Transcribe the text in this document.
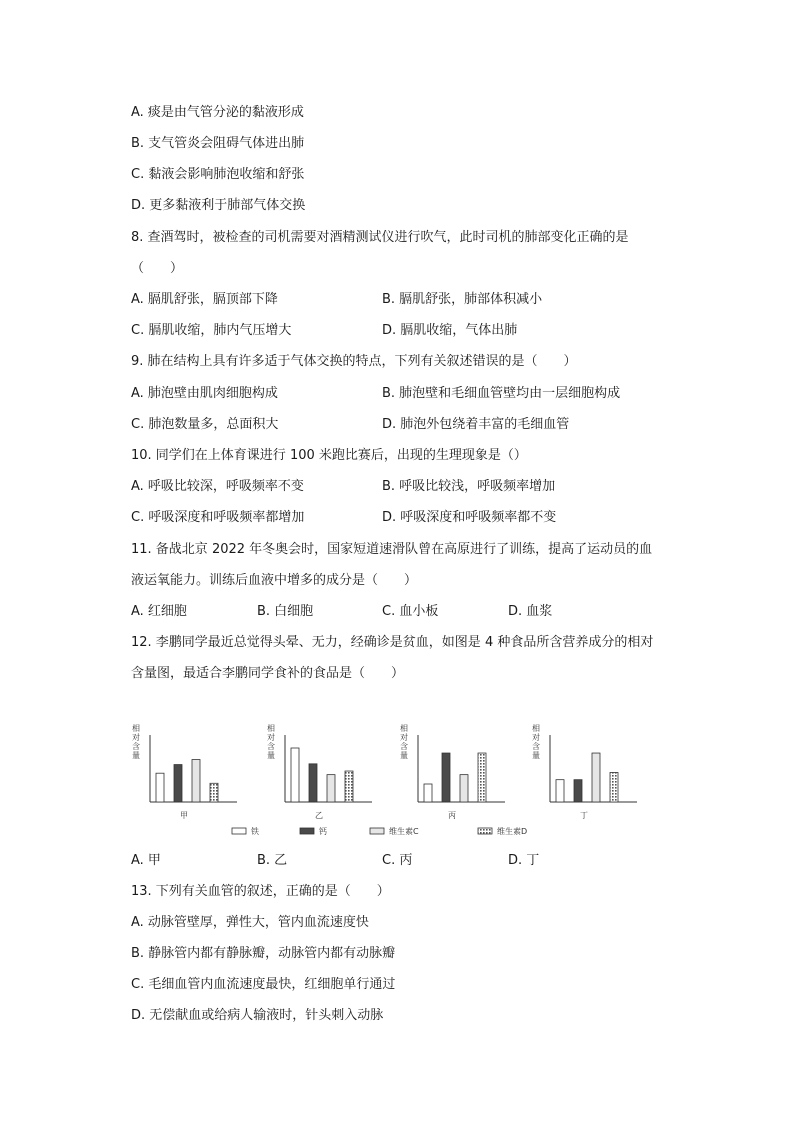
A. 痰是由气管分泌的黏液形成
B. 支气管炎会阻碍气体进出肺
C. 黏液会影响肺泡收缩和舒张
D. 更多黏液利于肺部气体交换
8. 查酒驾时，被检查的司机需要对酒精测试仪进行吹气，此时司机的肺部变化正确的是
（　　）
A. 膈肌舒张，膈顶部下降	B. 膈肌舒张，肺部体积减小
C. 膈肌收缩，肺内气压增大	D. 膈肌收缩，气体出肺
9. 肺在结构上具有许多适于气体交换的特点，下列有关叙述错误的是（　　）
A. 肺泡壁由肌肉细胞构成	B. 肺泡壁和毛细血管壁均由一层细胞构成
C. 肺泡数量多，总面积大	D. 肺泡外包绕着丰富的毛细血管
10. 同学们在上体育课进行 100 米跑比赛后，出现的生理现象是（）
A. 呼吸比较深，呼吸频率不变	B. 呼吸比较浅，呼吸频率增加
C. 呼吸深度和呼吸频率都增加	D. 呼吸深度和呼吸频率都不变
11. 备战北京 2022 年冬奥会时，国家短道速滑队曾在高原进行了训练，提高了运动员的血
液运氧能力。训练后血液中增多的成分是（　　）
A. 红细胞	B. 白细胞	C. 血小板	D. 血浆
12. 李鹏同学最近总觉得头晕、无力，经确诊是贫血，如图是 4 种食品所含营养成分的相对
含量图，最适合李鹏同学食补的食品是（　　）
相对含量
甲
相对含量
乙
相对含量
丙
相对含量
丁
铁	钙	维生素C	维生素D
A. 甲	B. 乙	C. 丙	D. 丁
13. 下列有关血管的叙述，正确的是（　　）
A. 动脉管壁厚，弹性大，管内血流速度快
B. 静脉管内都有静脉瓣，动脉管内都有动脉瓣
C. 毛细血管内血流速度最快，红细胞单行通过
D. 无偿献血或给病人输液时，针头刺入动脉
